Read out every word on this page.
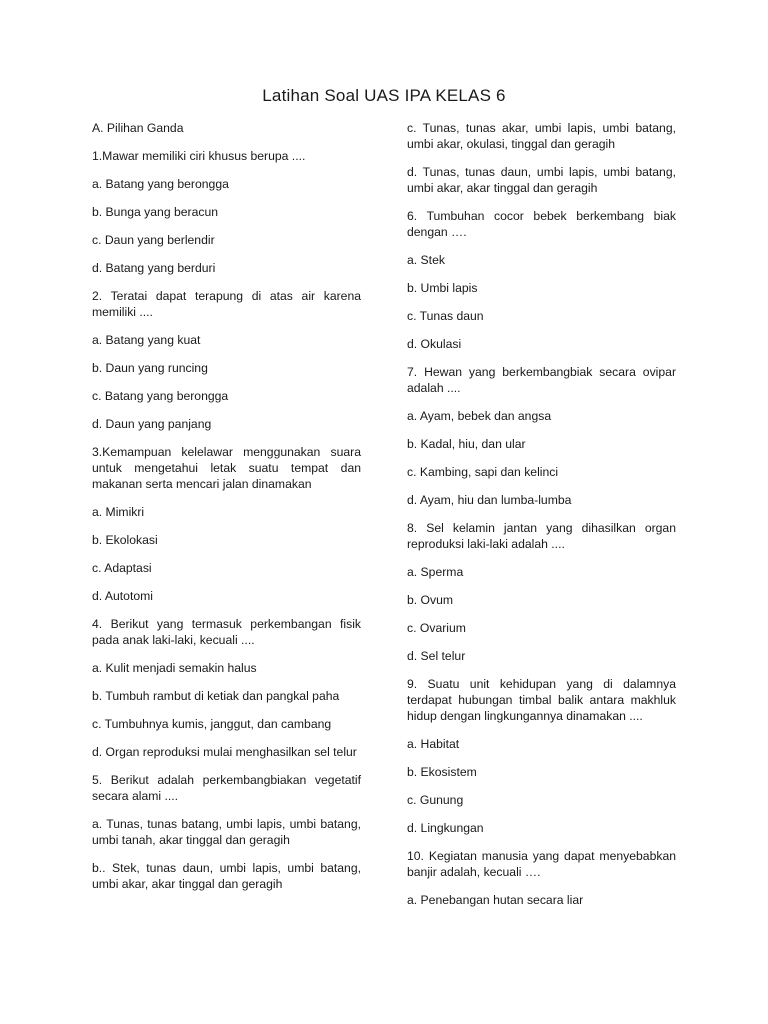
Latihan Soal UAS IPA KELAS 6

A. Pilihan Ganda

1.Mawar memiliki ciri khusus berupa ....

a. Batang yang berongga

b. Bunga yang beracun

c. Daun yang berlendir

d. Batang yang berduri

2. Teratai dapat terapung di atas air karena memiliki ....

a. Batang yang kuat

b. Daun yang runcing

c. Batang yang berongga

d. Daun yang panjang

3.Kemampuan kelelawar menggunakan suara untuk mengetahui letak suatu tempat dan makanan serta mencari jalan dinamakan

a. Mimikri

b. Ekolokasi

c. Adaptasi

d. Autotomi

4. Berikut yang termasuk perkembangan fisik pada anak laki-laki, kecuali ....

a. Kulit menjadi semakin halus

b. Tumbuh rambut di ketiak dan pangkal paha

c. Tumbuhnya kumis, janggut, dan cambang

d. Organ reproduksi mulai menghasilkan sel telur

5. Berikut adalah perkembangbiakan vegetatif secara alami ....

a. Tunas, tunas batang, umbi lapis, umbi batang, umbi tanah, akar tinggal dan geragih

b.. Stek, tunas daun, umbi lapis, umbi batang, umbi akar, akar tinggal dan geragih

c. Tunas, tunas akar, umbi lapis, umbi batang, umbi akar, okulasi, tinggal dan geragih

d. Tunas, tunas daun, umbi lapis, umbi batang, umbi akar, akar tinggal dan geragih

6. Tumbuhan cocor bebek berkembang biak dengan ….

a. Stek

b. Umbi lapis

c. Tunas daun

d. Okulasi

7. Hewan yang berkembangbiak secara ovipar adalah ....

a. Ayam, bebek dan angsa

b. Kadal, hiu, dan ular

c. Kambing, sapi dan kelinci

d. Ayam, hiu dan lumba-lumba

8. Sel kelamin jantan yang dihasilkan organ reproduksi laki-laki adalah ....

a. Sperma

b. Ovum

c. Ovarium

d. Sel telur

9. Suatu unit kehidupan yang di dalamnya terdapat hubungan timbal balik antara makhluk hidup dengan lingkungannya dinamakan ....

a. Habitat

b. Ekosistem

c. Gunung

d. Lingkungan

10. Kegiatan manusia yang dapat menyebabkan banjir adalah, kecuali ….

a. Penebangan hutan secara liar
